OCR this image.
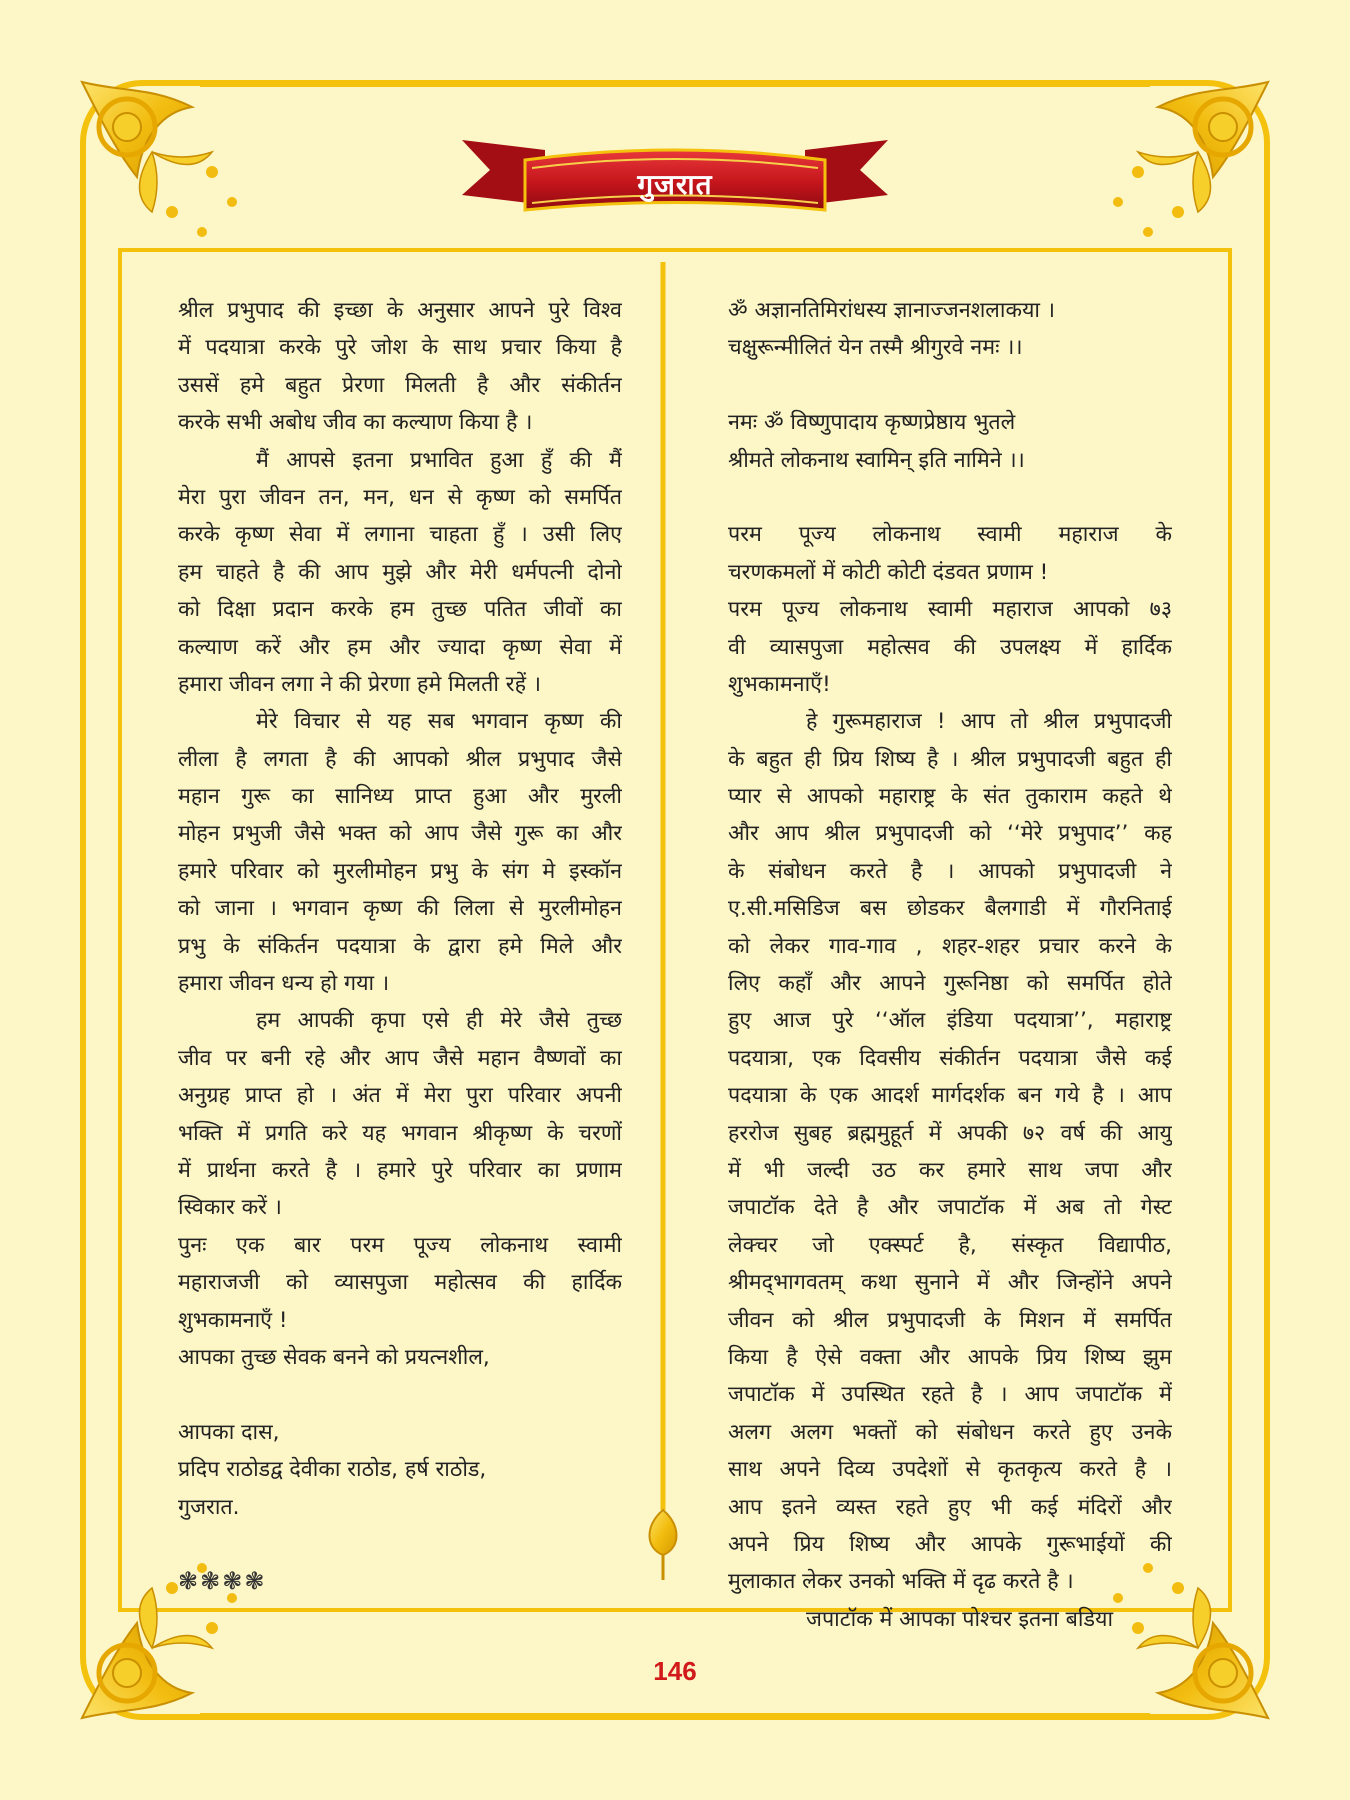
गुजरात
श्रील प्रभुपाद की इच्छा के अनुसार आपने पुरे विश्व
में पदयात्रा करके पुरे जोश के साथ प्रचार किया है
उससें हमे बहुत प्रेरणा मिलती है और संकीर्तन
करके सभी अबोध जीव का कल्याण किया है ।
मैं आपसे इतना प्रभावित हुआ हुँ की मैं
मेरा पुरा जीवन तन, मन, धन से कृष्ण को समर्पित
करके कृष्ण सेवा में लगाना चाहता हुँ । उसी लिए
हम चाहते है की आप मुझे और मेरी धर्मपत्नी दोनो
को दिक्षा प्रदान करके हम तुच्छ पतित जीवों का
कल्याण करें और हम और ज्यादा कृष्ण सेवा में
हमारा जीवन लगा ने की प्रेरणा हमे मिलती रहें ।
मेरे विचार से यह सब भगवान कृष्ण की
लीला है लगता है की आपको श्रील प्रभुपाद जैसे
महान गुरू का सानिध्य प्राप्त हुआ और मुरली
मोहन प्रभुजी जैसे भक्त को आप जैसे गुरू का और
हमारे परिवार को मुरलीमोहन प्रभु के संग मे इस्कॉन
को जाना । भगवान कृष्ण की लिला से मुरलीमोहन
प्रभु के संकिर्तन पदयात्रा के द्वारा हमे मिले और
हमारा जीवन धन्य हो गया ।
हम आपकी कृपा एसे ही मेरे जैसे तुच्छ
जीव पर बनी रहे और आप जैसे महान वैष्णवों का
अनुग्रह प्राप्त हो । अंत में मेरा पुरा परिवार अपनी
भक्ति में प्रगति करे यह भगवान श्रीकृष्ण के चरणों
में प्रार्थना करते है । हमारे पुरे परिवार का प्रणाम
स्विकार करें ।
पुनः एक बार परम पूज्य लोकनाथ स्वामी
महाराजजी को व्यासपुजा महोत्सव की हार्दिक
शुभकामनाएँ !
आपका तुच्छ सेवक बनने को प्रयत्नशील,
आपका दास,
प्रदिप राठोडद्व देवीका राठोड, हर्ष राठोड,
गुजरात.
❃❃❃❃
ॐ अज्ञानतिमिरांधस्य ज्ञानाज्जनशलाकया ।
चक्षुरून्मीलितं येन तस्मै श्रीगुरवे नमः ।।
नमः ॐ विष्णुपादाय कृष्णप्रेष्ठाय भुतले
श्रीमते लोकनाथ स्वामिन् इति नामिने ।।
परम पूज्य लोकनाथ स्वामी महाराज के
चरणकमलों में कोटी कोटी दंडवत प्रणाम !
परम पूज्य लोकनाथ स्वामी महाराज आपको ७३
वी व्यासपुजा महोत्सव की उपलक्ष्य में हार्दिक
शुभकामनाएँ!
हे गुरूमहाराज ! आप तो श्रील प्रभुपादजी
के बहुत ही प्रिय शिष्य है । श्रील प्रभुपादजी बहुत ही
प्यार से आपको महाराष्ट्र के संत तुकाराम कहते थे
और आप श्रील प्रभुपादजी को ‘‘मेरे प्रभुपाद’’ कह
के संबोधन करते है । आपको प्रभुपादजी ने
ए.सी.मसिडिज बस छोडकर बैलगाडी में गौरनिताई
को लेकर गाव-गाव , शहर-शहर प्रचार करने के
लिए कहाँ और आपने गुरूनिष्ठा को समर्पित होते
हुए आज पुरे ‘‘ऑल इंडिया पदयात्रा’’, महाराष्ट्र
पदयात्रा, एक दिवसीय संकीर्तन पदयात्रा जैसे कई
पदयात्रा के एक आदर्श मार्गदर्शक बन गये है । आप
हररोज सुबह ब्रह्ममुहूर्त में अपकी ७२ वर्ष की आयु
में भी जल्दी उठ कर हमारे साथ जपा और
जपाटॉक देते है और जपाटॉक में अब तो गेस्ट
लेक्चर जो एक्स्पर्ट है, संस्कृत विद्यापीठ,
श्रीमद्‌भागवतम् कथा सुनाने में और जिन्होंने अपने
जीवन को श्रील प्रभुपादजी के मिशन में समर्पित
किया है ऐसे वक्ता और आपके प्रिय शिष्य झुम
जपाटॉक में उपस्थित रहते है । आप जपाटॉक में
अलग अलग भक्तों को संबोधन करते हुए उनके
साथ अपने दिव्य उपदेशों से कृतकृत्य करते है ।
आप इतने व्यस्त रहते हुए भी कई मंदिरों और
अपने प्रिय शिष्य और आपके गुरूभाईयों की
मुलाकात लेकर उनको भक्ति में दृढ करते है ।
जपाटॉक में आपका पोश्चर इतना बडिया
146
